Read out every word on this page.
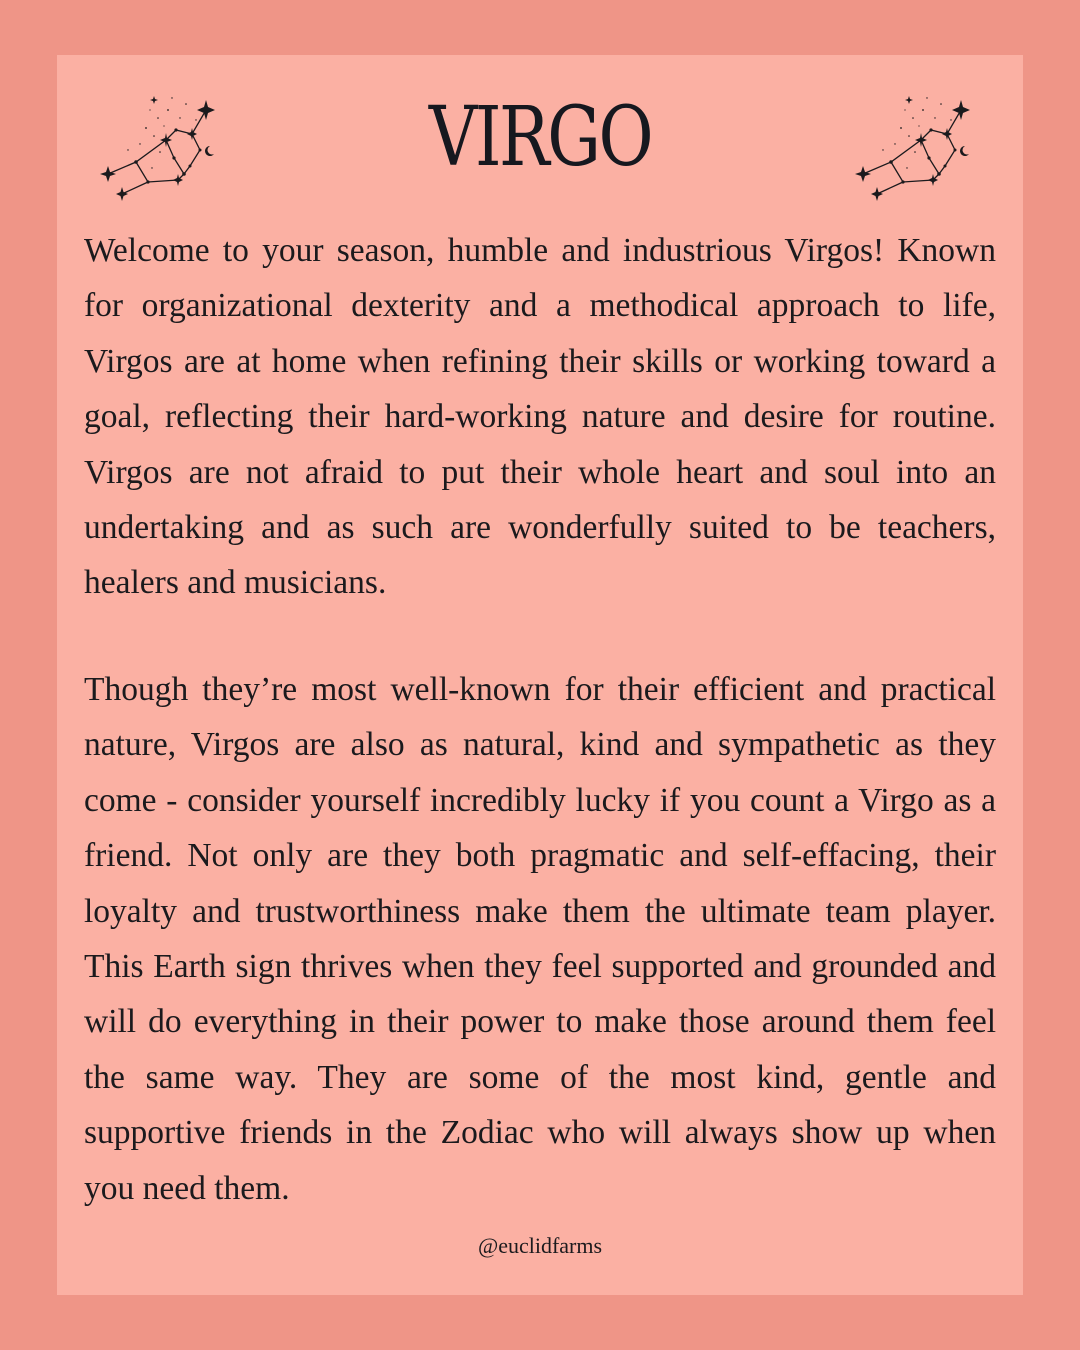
VIRGO

Welcome to your season, humble and industrious Virgos! Known for organizational dexterity and a methodical approach to life, Virgos are at home when refining their skills or working toward a goal, reflecting their hard-working nature and desire for routine. Virgos are not afraid to put their whole heart and soul into an undertaking and as such are wonderfully suited to be teachers, healers and musicians.

Though they’re most well-known for their efficient and practical nature, Virgos are also as natural, kind and sympathetic as they come - consider yourself incredibly lucky if you count a Virgo as a friend. Not only are they both pragmatic and self-effacing, their loyalty and trustworthiness make them the ultimate team player. This Earth sign thrives when they feel supported and grounded and will do everything in their power to make those around them feel the same way. They are some of the most kind, gentle and supportive friends in the Zodiac who will always show up when you need them.

@euclidfarms
